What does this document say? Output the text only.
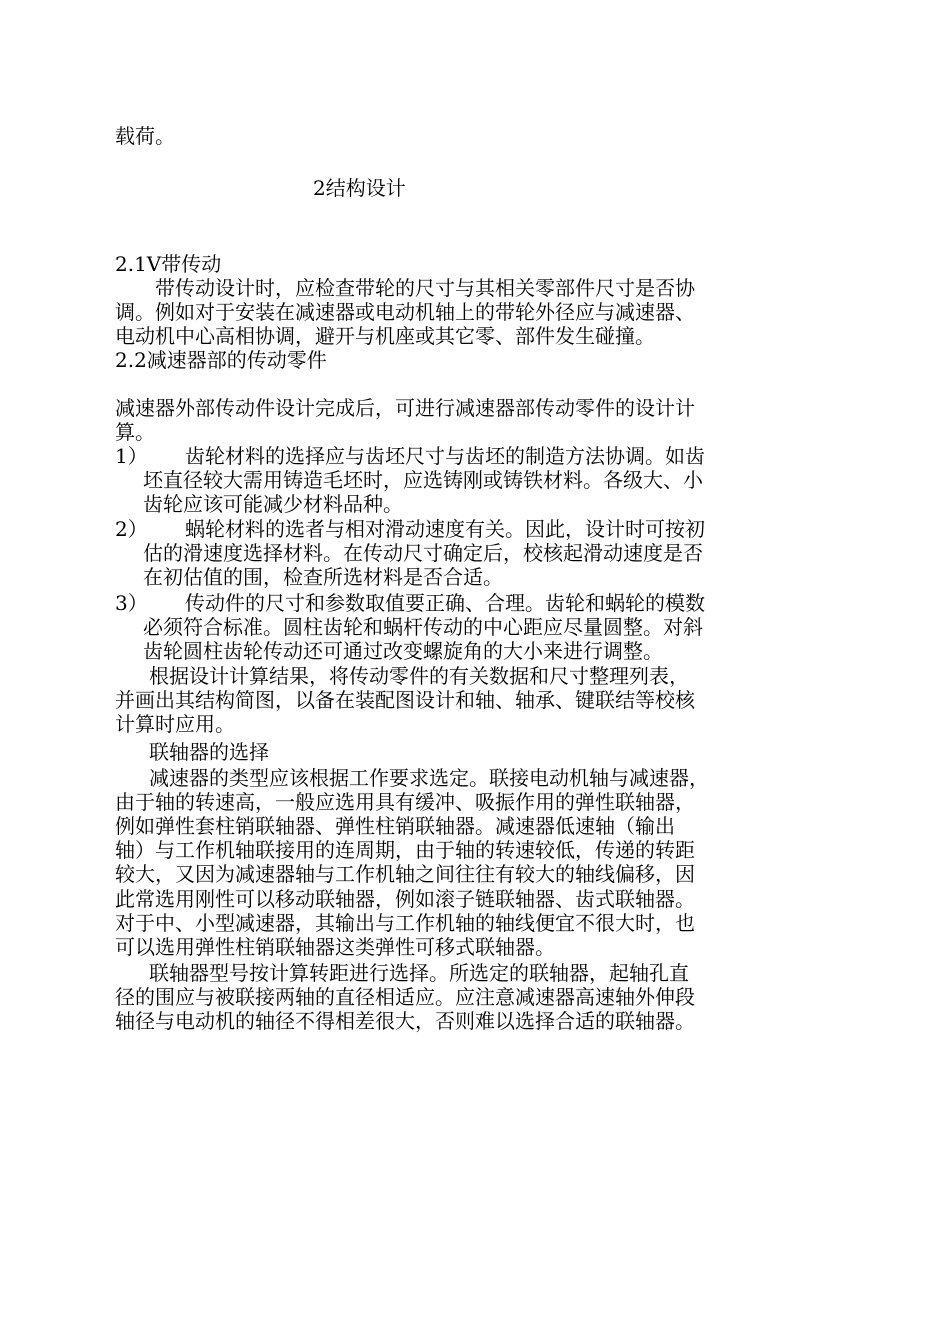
载荷。
2结构设计
2.1V带传动
带传动设计时，应检查带轮的尺寸与其相关零部件尺寸是否协
调。例如对于安装在减速器或电动机轴上的带轮外径应与减速器、
电动机中心高相协调，避开与机座或其它零、部件发生碰撞。
2.2减速器部的传动零件
减速器外部传动件设计完成后，可进行减速器部传动零件的设计计
算。
1） 齿轮材料的选择应与齿坯尺寸与齿坯的制造方法协调。如齿
坯直径较大需用铸造毛坯时，应选铸刚或铸铁材料。各级大、小
齿轮应该可能减少材料品种。
2） 蜗轮材料的选者与相对滑动速度有关。因此，设计时可按初
估的滑速度选择材料。在传动尺寸确定后，校核起滑动速度是否
在初估值的围，检查所选材料是否合适。
3） 传动件的尺寸和参数取值要正确、合理。齿轮和蜗轮的模数
必须符合标准。圆柱齿轮和蜗杆传动的中心距应尽量圆整。对斜
齿轮圆柱齿轮传动还可通过改变螺旋角的大小来进行调整。
根据设计计算结果，将传动零件的有关数据和尺寸整理列表，
并画出其结构简图，以备在装配图设计和轴、轴承、键联结等校核
计算时应用。
联轴器的选择
减速器的类型应该根据工作要求选定。联接电动机轴与减速器，
由于轴的转速高，一般应选用具有缓冲、吸振作用的弹性联轴器，
例如弹性套柱销联轴器、弹性柱销联轴器。减速器低速轴（输出
轴）与工作机轴联接用的连周期，由于轴的转速较低，传递的转距
较大，又因为减速器轴与工作机轴之间往往有较大的轴线偏移，因
此常选用刚性可以移动联轴器，例如滚子链联轴器、齿式联轴器。
对于中、小型减速器，其输出与工作机轴的轴线便宜不很大时，也
可以选用弹性柱销联轴器这类弹性可移式联轴器。
联轴器型号按计算转距进行选择。所选定的联轴器，起轴孔直
径的围应与被联接两轴的直径相适应。应注意减速器高速轴外伸段
轴径与电动机的轴径不得相差很大，否则难以选择合适的联轴器。
